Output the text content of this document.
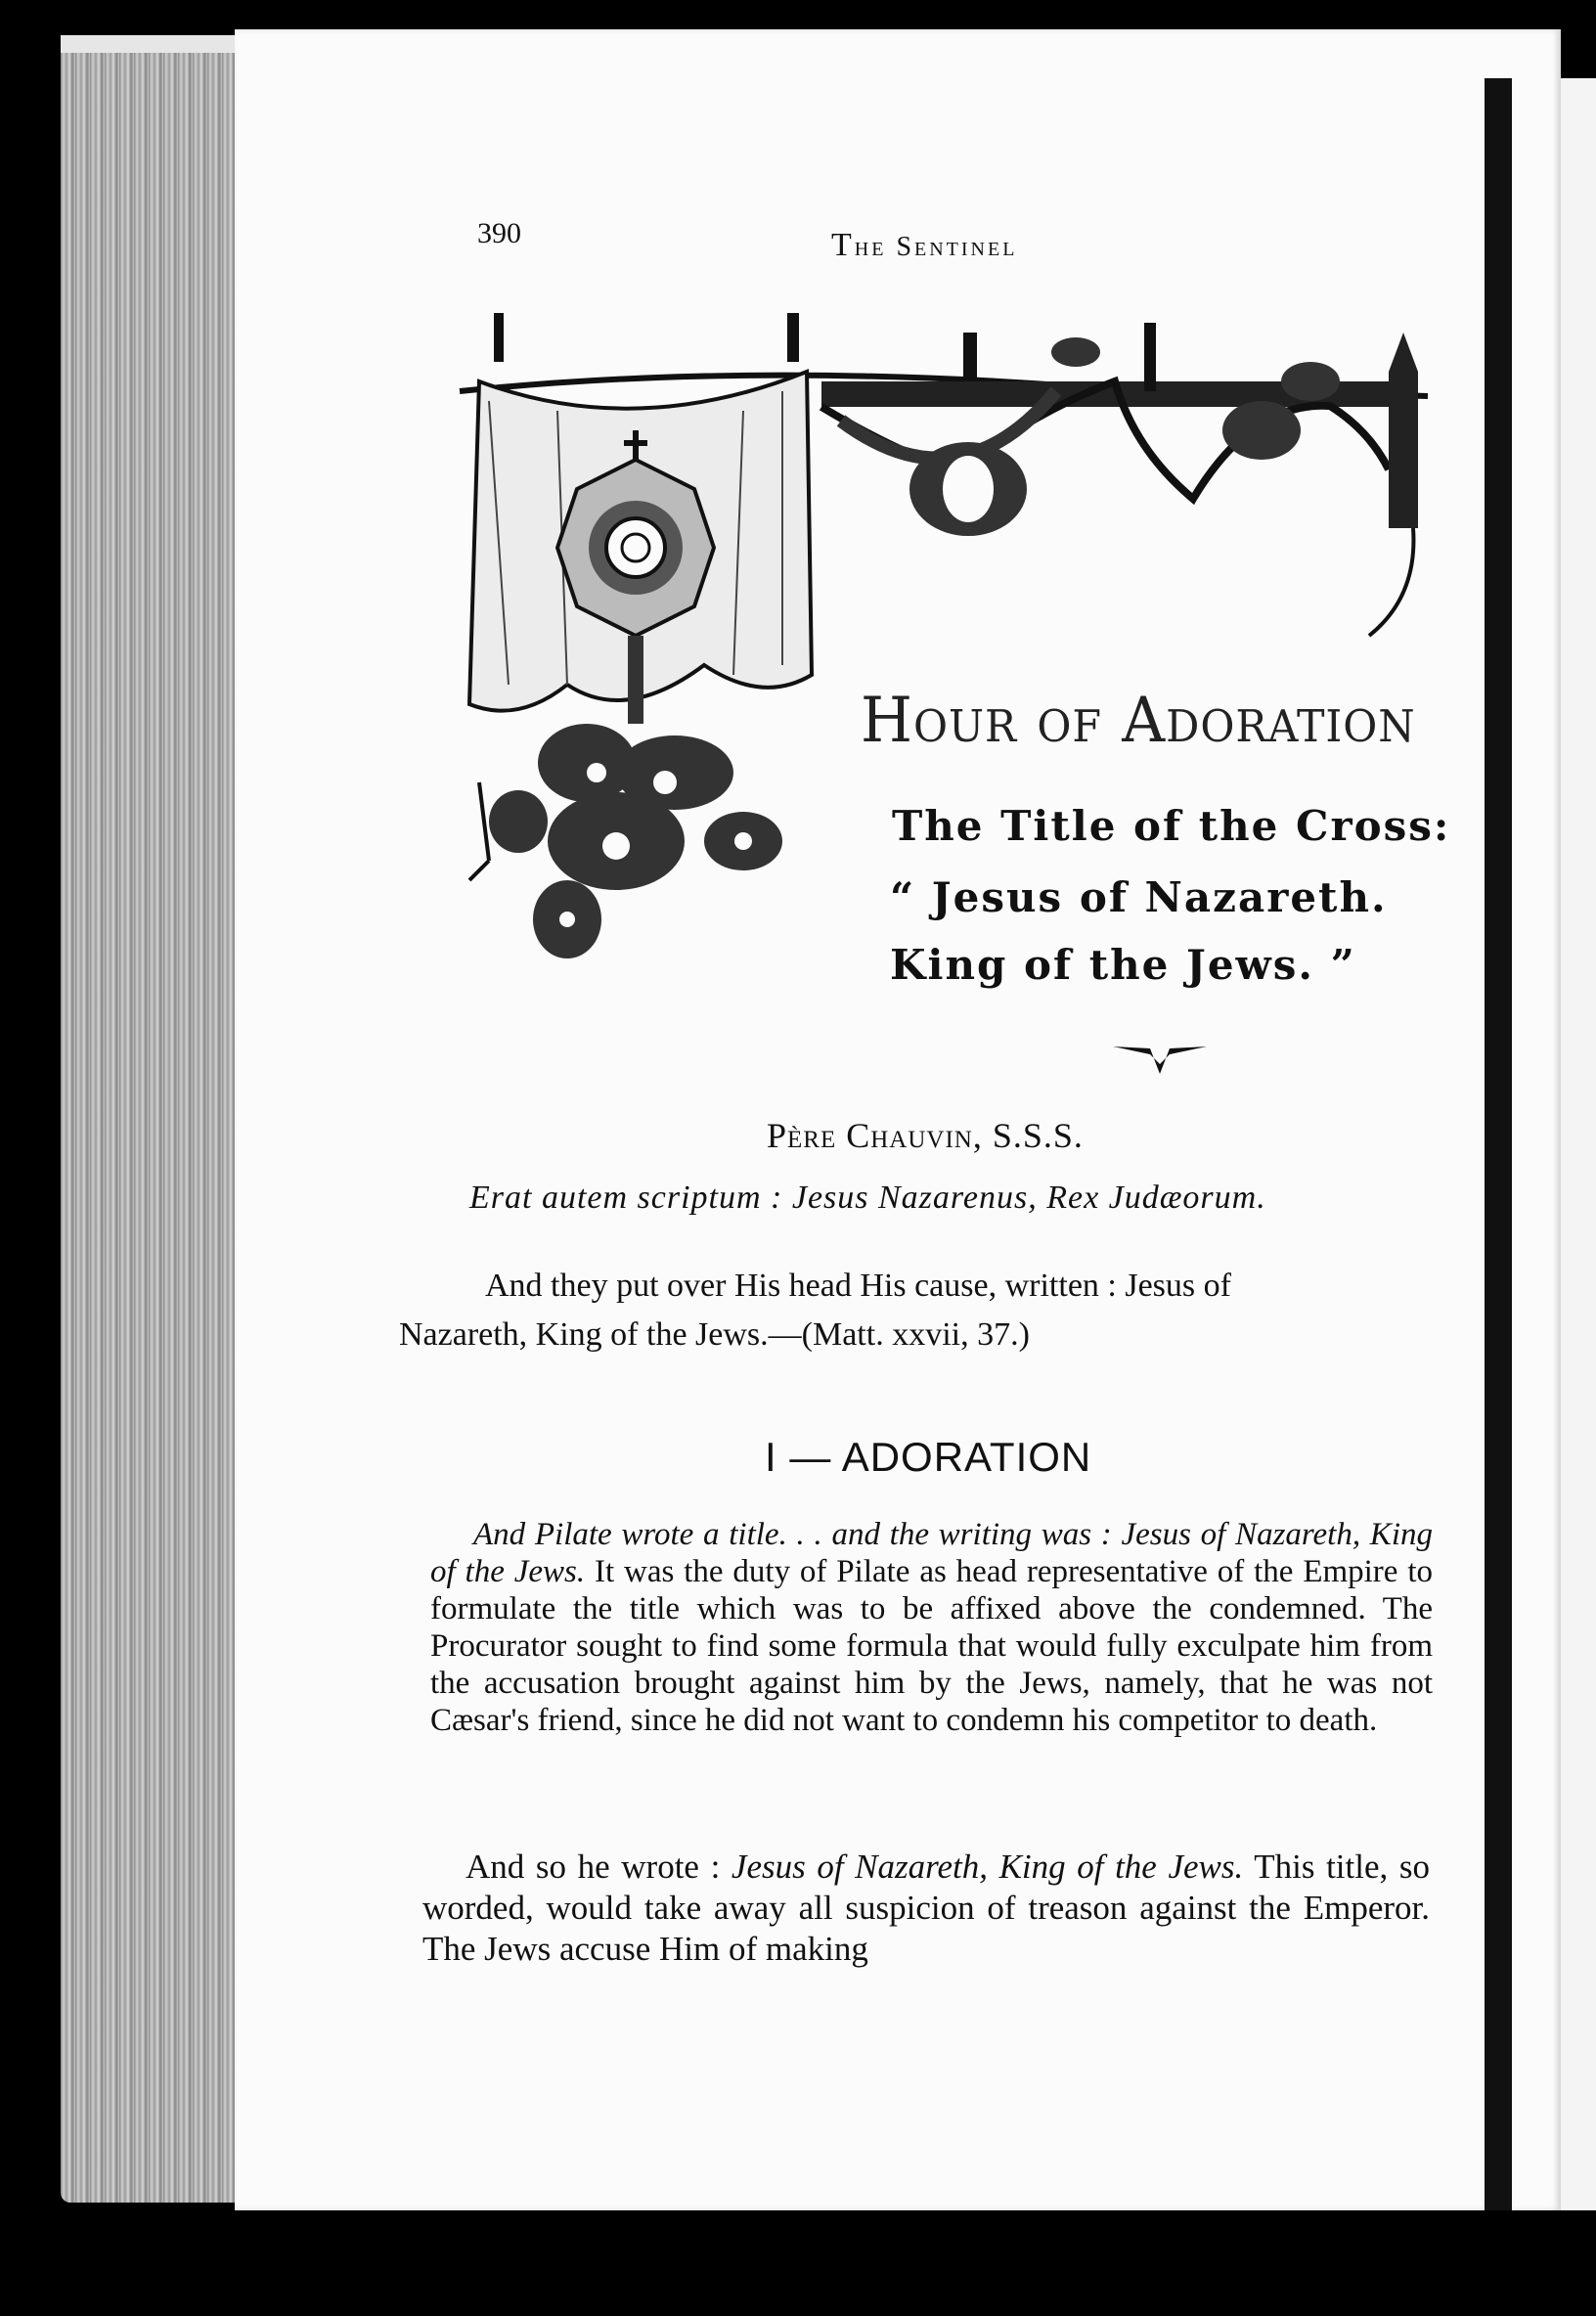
390	The Sentinel
Hour of Adoration
The Title of the Cross:
“ Jesus of Nazareth.
King of the Jews. ”
Père Chauvin, S.S.S.
Erat autem scriptum : Jesus Nazarenus, Rex Judæorum.
And they put over His head His cause, written : Jesus of
Nazareth, King of the Jews.—(Matt. xxvii, 37.)
I — ADORATION
And Pilate wrote a title. . . and the writing was : Jesus of Nazareth, King of the Jews. It was the duty of Pilate as head representative of the Empire to formulate the title which was to be affixed above the condemned. The Procurator sought to find some formula that would fully exculpate him from the accusation brought against him by the Jews, namely, that he was not Cæsar's friend, since he did not want to condemn his competitor to death.
And so he wrote : Jesus of Nazareth, King of the Jews. This title, so worded, would take away all suspicion of treason against the Emperor. The Jews accuse Him of making
